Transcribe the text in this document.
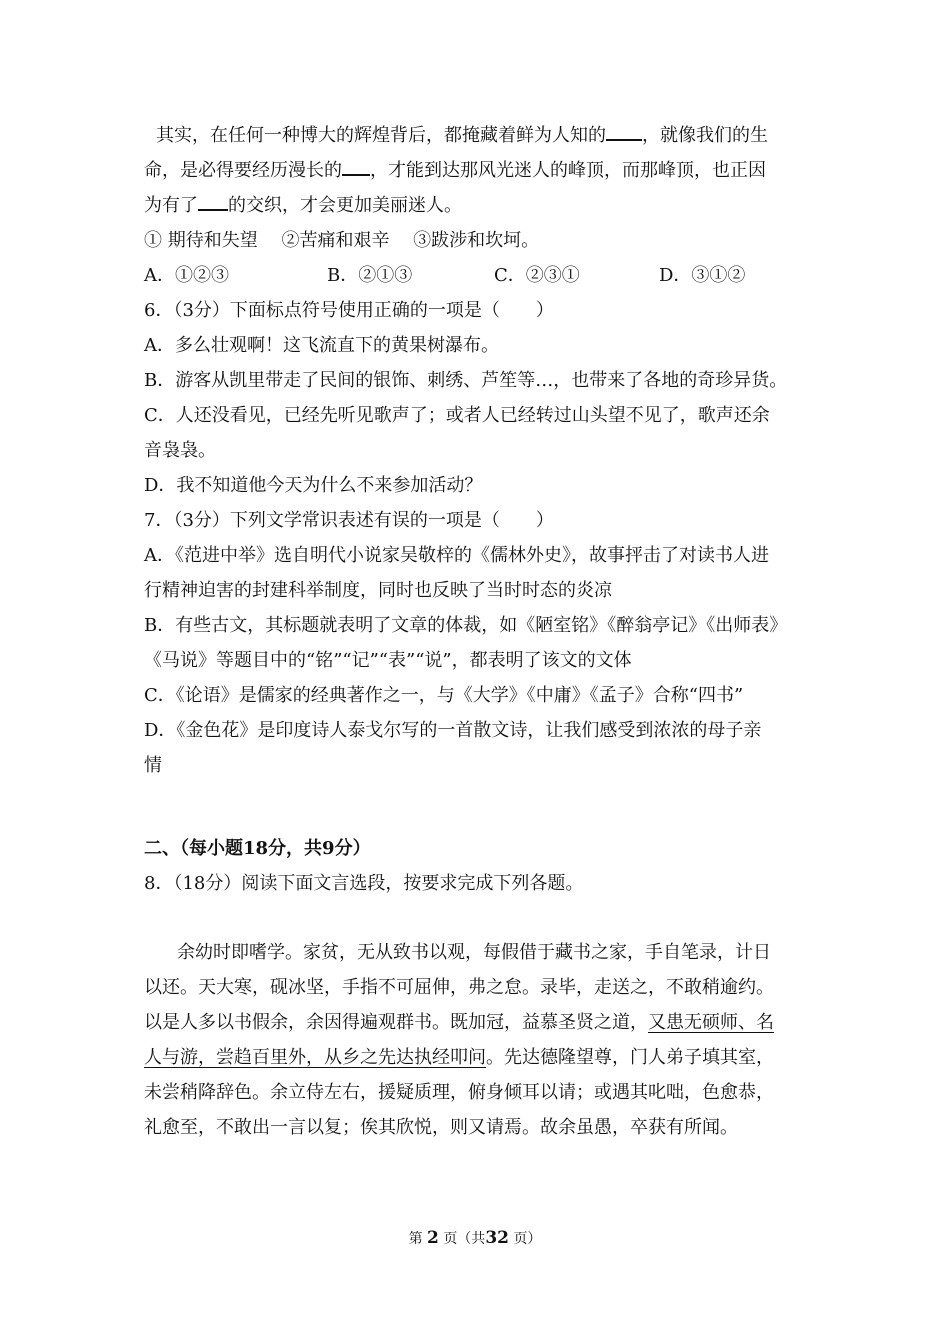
其实，在任何一种博大的辉煌背后，都掩藏着鲜为人知的 ，就像我们的生
命，是必得要经历漫长的 ，才能到达那风光迷人的峰顶，而那峰顶，也正因
为有了 的交织，才会更加美丽迷人。
① 期待和失望　 ②苦痛和艰辛　 ③跋涉和坎坷。
A．①②③	B．②①③	C．②③①	D．③①②
6．（3分）下面标点符号使用正确的一项是（　　）
A．多么壮观啊！这飞流直下的黄果树瀑布。
B．游客从凯里带走了民间的银饰、刺绣、芦笙等…，也带来了各地的奇珍异货。
C．人还没看见，已经先听见歌声了；或者人已经转过山头望不见了，歌声还余
音袅袅。
D．我不知道他今天为什么不来参加活动？
7．（3分）下列文学常识表述有误的一项是（　　）
A．《范进中举》选自明代小说家吴敬梓的《儒林外史》，故事抨击了对读书人进
行精神迫害的封建科举制度，同时也反映了当时时态的炎凉
B．有些古文，其标题就表明了文章的体裁，如《陋室铭》《醉翁亭记》《出师表》
《马说》等题目中的“铭”“记”“表”“说”，都表明了该文的文体
C．《论语》是儒家的经典著作之一，与《大学》《中庸》《孟子》合称“四书”
D．《金色花》是印度诗人泰戈尔写的一首散文诗，让我们感受到浓浓的母子亲
情
二、（每小题18分，共9分）
8．（18分）阅读下面文言选段，按要求完成下列各题。
余幼时即嗜学。家贫，无从致书以观，每假借于藏书之家，手自笔录，计日
以还。天大寒，砚冰坚，手指不可屈伸，弗之怠。录毕，走送之，不敢稍逾约。
以是人多以书假余，余因得遍观群书。既加冠，益慕圣贤之道，又患无硕师、名
人与游，尝趋百里外，从乡之先达执经叩问。先达德隆望尊，门人弟子填其室，
未尝稍降辞色。余立侍左右，援疑质理，俯身倾耳以请；或遇其叱咄，色愈恭，
礼愈至，不敢出一言以复；俟其欣悦，则又请焉。故余虽愚，卒获有所闻。
第 2 页（共32 页）
